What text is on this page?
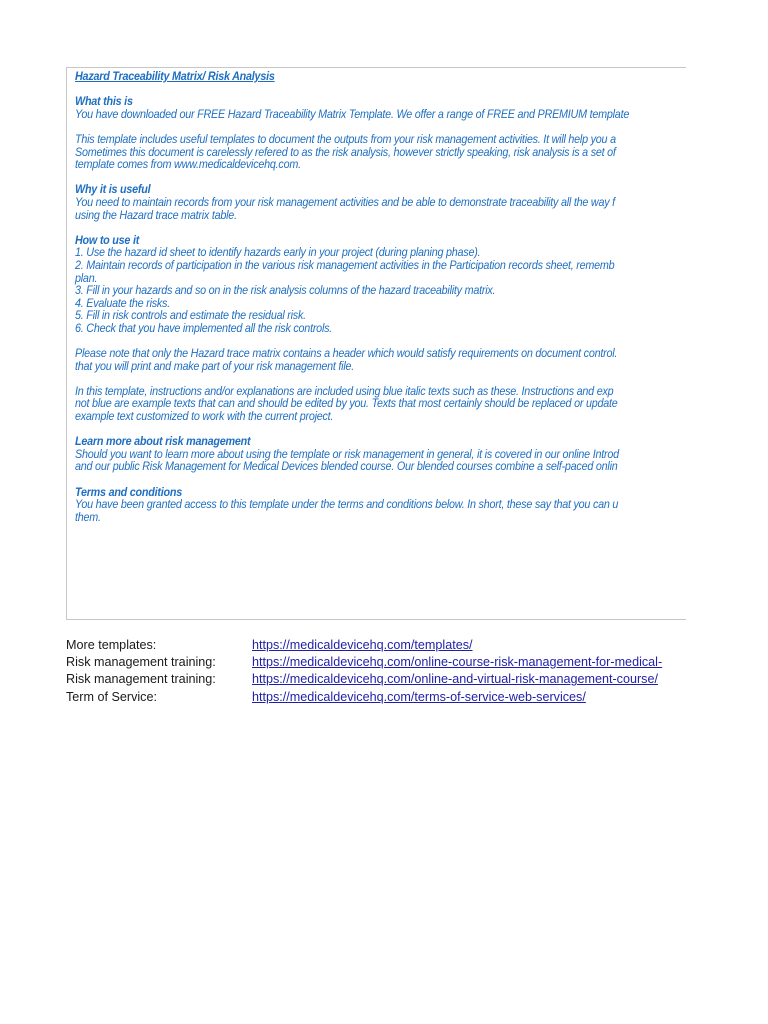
Hazard Traceability Matrix/ Risk Analysis
What this is
You have downloaded our FREE Hazard Traceability Matrix Template. We offer a range of FREE and PREMIUM template
This template includes useful templates to document the outputs from your risk management activities. It will help you a
Sometimes this document is carelessly refered to as the risk analysis, however strictly speaking, risk analysis is a set of
template comes from www.medicaldevicehq.com.
Why it is useful
You need to maintain records from your risk management activities and be able to demonstrate traceability all the way f
using the Hazard trace matrix table.
How to use it
1. Use the hazard id sheet to identify hazards early in your project (during planing phase).
2. Maintain records of participation in the various risk management activities in the Participation records sheet, rememb
plan.
3. Fill in your hazards and so on in the risk analysis columns of the hazard traceability matrix.
4. Evaluate the risks.
5. Fill in risk controls and estimate the residual risk.
6. Check that you have implemented all the risk controls.
Please note that only the Hazard trace matrix contains a header which would satisfy requirements on document control.
that you will print and make part of your risk management file.
In this template, instructions and/or explanations are included using blue italic texts such as these. Instructions and exp
not blue are example texts that can and should be edited by you. Texts that most certainly should be replaced or update
example text customized to work with the current project.
Learn more about risk management
Should you want to learn more about using the template or risk management in general, it is covered in our online Introd
and our public Risk Management for Medical Devices blended course. Our blended courses combine a self-paced onlin
Terms and conditions
You have been granted access to this template under the terms and conditions below. In short, these say that you can u
them.
More templates:	https://medicaldevicehq.com/templates/
Risk management training:	https://medicaldevicehq.com/online-course-risk-management-for-medical-
Risk management training:	https://medicaldevicehq.com/online-and-virtual-risk-management-course/
Term of Service:	https://medicaldevicehq.com/terms-of-service-web-services/
